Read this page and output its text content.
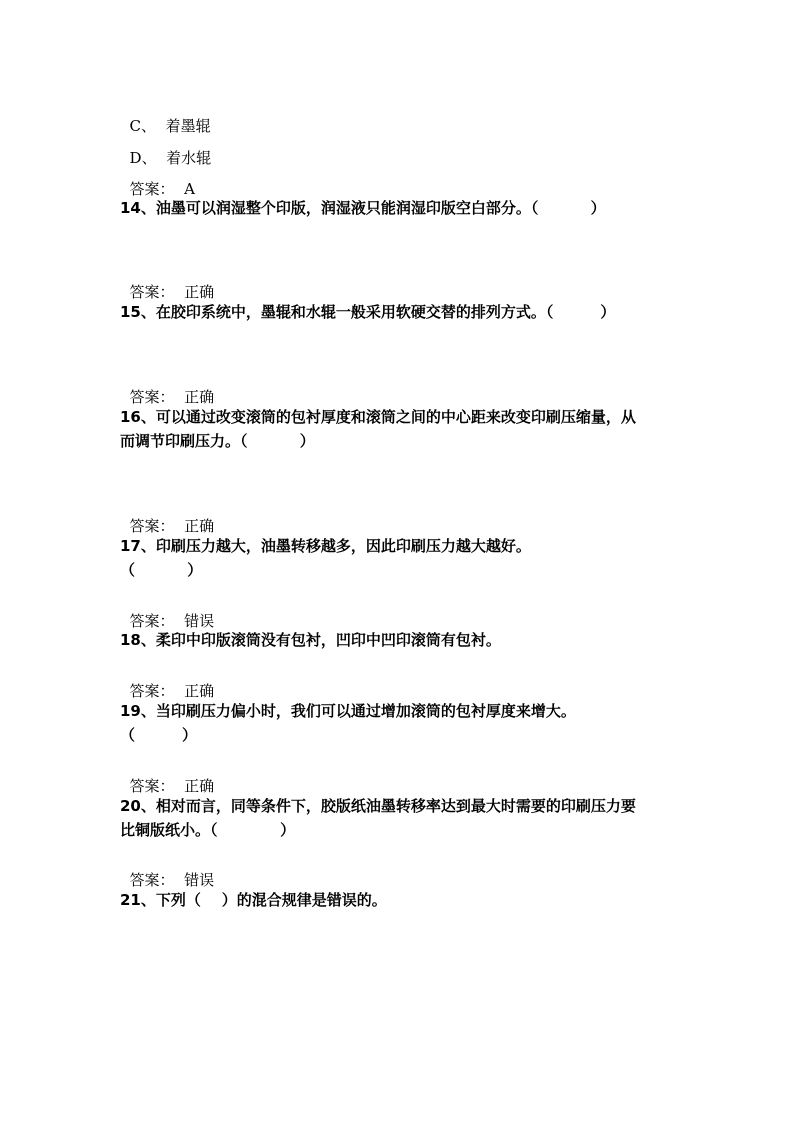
C、 着墨辊

D、 着水辊

答案： A

14、油墨可以润湿整个印版，润湿液只能润湿印版空白部分。（          ）

答案： 正确

15、在胶印系统中，墨辊和水辊一般采用软硬交替的排列方式。（         ）

答案： 正确

16、可以通过改变滚筒的包衬厚度和滚筒之间的中心距来改变印刷压缩量，从
而调节印刷压力。（          ）

答案： 正确

17、印刷压力越大，油墨转移越多，因此印刷压力越大越好。
（          ）

答案： 错误

18、柔印中印版滚筒没有包衬，凹印中凹印滚筒有包衬。

答案： 正确

19、当印刷压力偏小时，我们可以通过增加滚筒的包衬厚度来增大。
（         ）

答案： 正确

20、相对而言，同等条件下，胶版纸油墨转移率达到最大时需要的印刷压力要
比铜版纸小。（            ）

答案： 错误

21、下列（    ）的混合规律是错误的。
